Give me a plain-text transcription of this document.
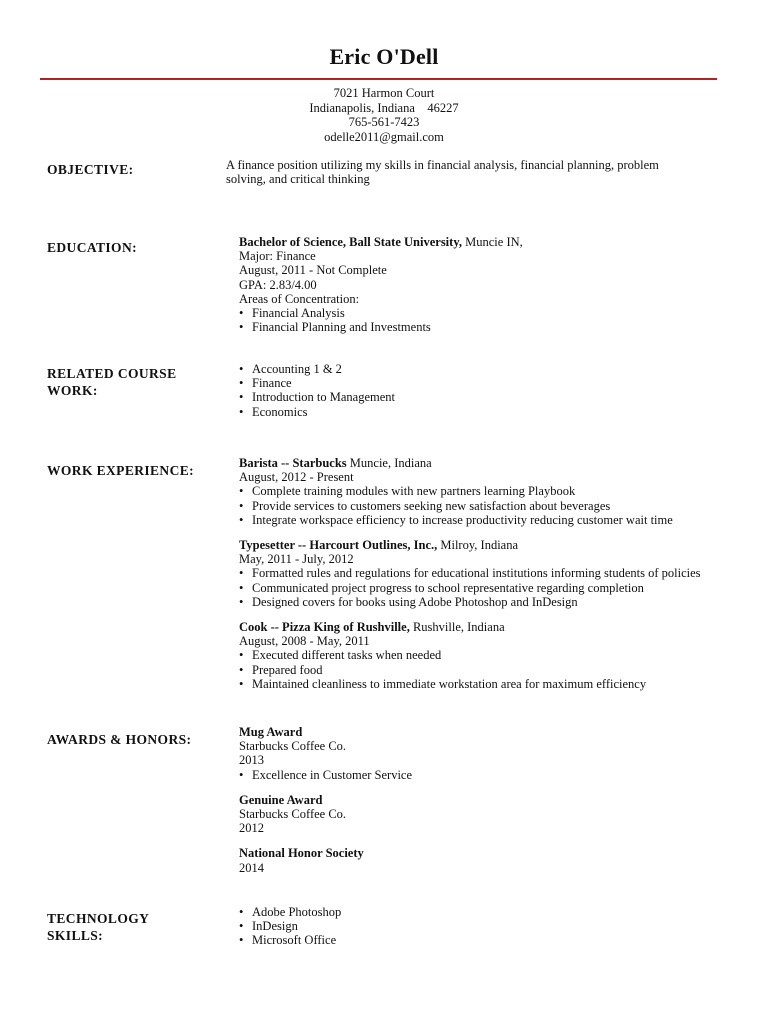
Eric O'Dell
7021 Harmon Court
Indianapolis, Indiana    46227
765-561-7423
odelle2011@gmail.com
OBJECTIVE:	A finance position utilizing my skills in financial analysis, financial planning, problem
solving, and critical thinking
EDUCATION:	Bachelor of Science, Ball State University, Muncie IN,
Major: Finance
August, 2011 - Not Complete
GPA: 2.83/4.00
Areas of Concentration:
• Financial Analysis
• Financial Planning and Investments
RELATED COURSE
WORK:
• Accounting 1 & 2
• Finance
• Introduction to Management
• Economics
WORK EXPERIENCE:	Barista -- Starbucks Muncie, Indiana
August, 2012 - Present
• Complete training modules with new partners learning Playbook
• Provide services to customers seeking new satisfaction about beverages
• Integrate workspace efficiency to increase productivity reducing customer wait time
Typesetter -- Harcourt Outlines, Inc., Milroy, Indiana
May, 2011 - July, 2012
• Formatted rules and regulations for educational institutions informing students of policies
• Communicated project progress to school representative regarding completion
• Designed covers for books using Adobe Photoshop and InDesign
Cook -- Pizza King of Rushville, Rushville, Indiana
August, 2008 - May, 2011
• Executed different tasks when needed
• Prepared food
• Maintained cleanliness to immediate workstation area for maximum efficiency
AWARDS & HONORS:	Mug Award
Starbucks Coffee Co.
2013
• Excellence in Customer Service
Genuine Award
Starbucks Coffee Co.
2012
National Honor Society
2014
TECHNOLOGY
SKILLS:
• Adobe Photoshop
• InDesign
• Microsoft Office
